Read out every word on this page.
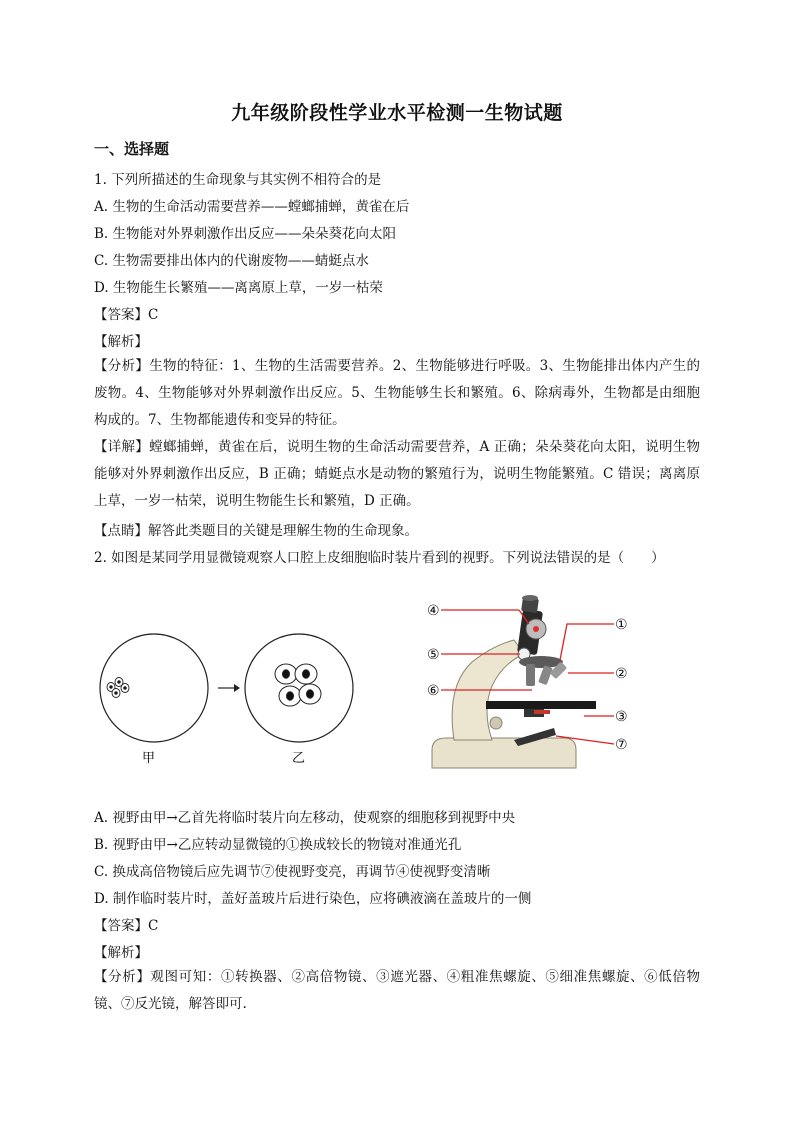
九年级阶段性学业水平检测一生物试题
一、选择题
1. 下列所描述的生命现象与其实例不相符合的是
A. 生物的生命活动需要营养——螳螂捕蝉，黄雀在后
B. 生物能对外界刺激作出反应——朵朵葵花向太阳
C. 生物需要排出体内的代谢废物——蜻蜓点水
D. 生物能生长繁殖——离离原上草，一岁一枯荣
【答案】C
【解析】
【分析】生物的特征：1、生物的生活需要营养。2、生物能够进行呼吸。3、生物能排出体内产生的废物。4、生物能够对外界刺激作出反应。5、生物能够生长和繁殖。6、除病毒外，生物都是由细胞构成的。7、生物都能遗传和变异的特征。
【详解】螳螂捕蝉，黄雀在后，说明生物的生命活动需要营养，A 正确；朵朵葵花向太阳，说明生物能够对外界刺激作出反应，B 正确；蜻蜓点水是动物的繁殖行为，说明生物能繁殖。C 错误；离离原上草，一岁一枯荣，说明生物能生长和繁殖，D 正确。
【点睛】解答此类题目的关键是理解生物的生命现象。
2. 如图是某同学用显微镜观察人口腔上皮细胞临时装片看到的视野。下列说法错误的是（　　）
甲	乙
④
⑤
⑥
①
②
③
⑦
A. 视野由甲→乙首先将临时装片向左移动，使观察的细胞移到视野中央
B. 视野由甲→乙应转动显微镜的①换成较长的物镜对准通光孔
C. 换成高倍物镜后应先调节⑦使视野变亮，再调节④使视野变清晰
D. 制作临时装片时，盖好盖玻片后进行染色，应将碘液滴在盖玻片的一侧
【答案】C
【解析】
【分析】观图可知：①转换器、②高倍物镜、③遮光器、④粗准焦螺旋、⑤细准焦螺旋、⑥低倍物镜、⑦反光镜，解答即可.
